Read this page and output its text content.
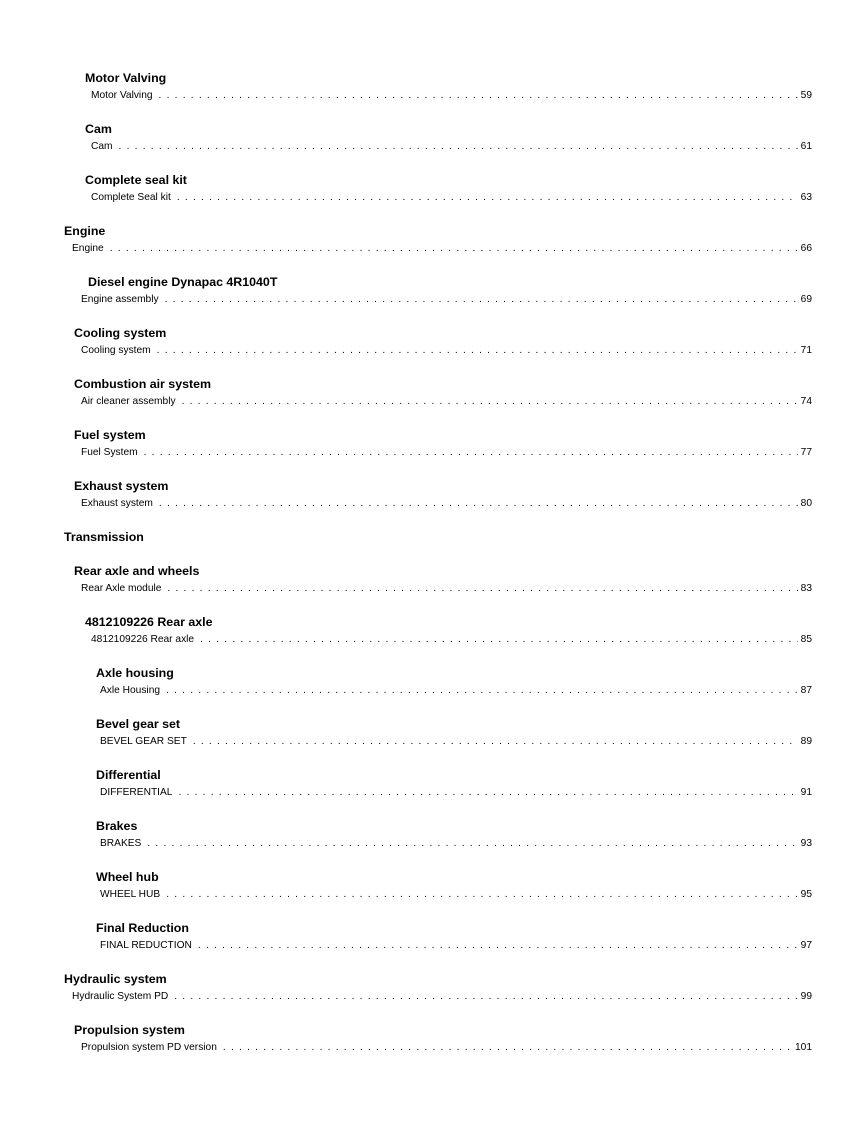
Motor Valving
Motor Valving . . .	59
Cam
Cam . . .	61
Complete seal kit
Complete Seal kit . . .	63
Engine
Engine . . .	66
Diesel engine Dynapac 4R1040T
Engine assembly . . .	69
Cooling system
Cooling system . . .	71
Combustion air system
Air cleaner assembly . . .	74
Fuel system
Fuel System . . .	77
Exhaust system
Exhaust system . . .	80
Transmission
Rear axle and wheels
Rear Axle module . . .	83
4812109226 Rear axle
4812109226 Rear axle . . .	85
Axle housing
Axle Housing . . .	87
Bevel gear set
BEVEL GEAR SET . . .	89
Differential
DIFFERENTIAL . . .	91
Brakes
BRAKES . . .	93
Wheel hub
WHEEL HUB . . .	95
Final Reduction
FINAL REDUCTION . . .	97
Hydraulic system
Hydraulic System PD . . .	99
Propulsion system
Propulsion system PD version . . .	101
